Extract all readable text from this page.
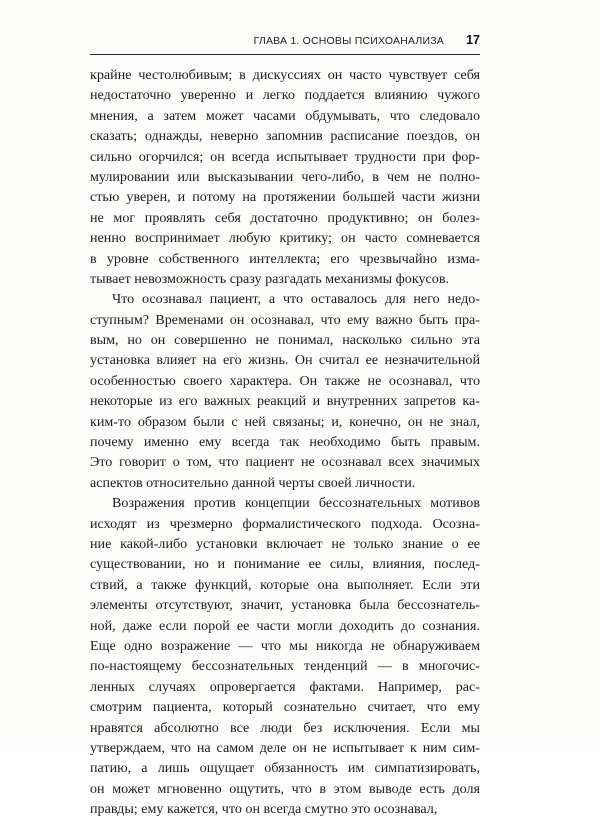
ГЛАВА 1. ОСНОВЫ ПСИХОАНАЛИЗА 17
крайне честолюбивым; в дискуссиях он часто чувствует себя
недостаточно уверенно и легко поддается влиянию чужого
мнения, а затем может часами обдумывать, что следовало
сказать; однажды, неверно запомнив расписание поездов, он
сильно огорчился; он всегда испытывает трудности при фор-
мулировании или высказывании чего-либо, в чем не полно-
стью уверен, и потому на протяжении большей части жизни
не мог проявлять себя достаточно продуктивно; он болез-
ненно воспринимает любую критику; он часто сомневается
в уровне собственного интеллекта; его чрезвычайно изма-
тывает невозможность сразу разгадать механизмы фокусов.
Что осознавал пациент, а что оставалось для него недо-
ступным? Временами он осознавал, что ему важно быть пра-
вым, но он совершенно не понимал, насколько сильно эта
установка влияет на его жизнь. Он считал ее незначительной
особенностью своего характера. Он также не осознавал, что
некоторые из его важных реакций и внутренних запретов ка-
ким-то образом были с ней связаны; и, конечно, он не знал,
почему именно ему всегда так необходимо быть правым.
Это говорит о том, что пациент не осознавал всех значимых
аспектов относительно данной черты своей личности.
Возражения против концепции бессознательных мотивов
исходят из чрезмерно формалистического подхода. Осозна-
ние какой-либо установки включает не только знание о ее
существовании, но и понимание ее силы, влияния, послед-
ствий, а также функций, которые она выполняет. Если эти
элементы отсутствуют, значит, установка была бессознатель-
ной, даже если порой ее части могли доходить до сознания.
Еще одно возражение — что мы никогда не обнаруживаем
по-настоящему бессознательных тенденций — в многочис-
ленных случаях опровергается фактами. Например, рас-
смотрим пациента, который сознательно считает, что ему
нравятся абсолютно все люди без исключения. Если мы
утверждаем, что на самом деле он не испытывает к ним сим-
патию, а лишь ощущает обязанность им симпатизировать,
он может мгновенно ощутить, что в этом выводе есть доля
правды; ему кажется, что он всегда смутно это осознавал,
